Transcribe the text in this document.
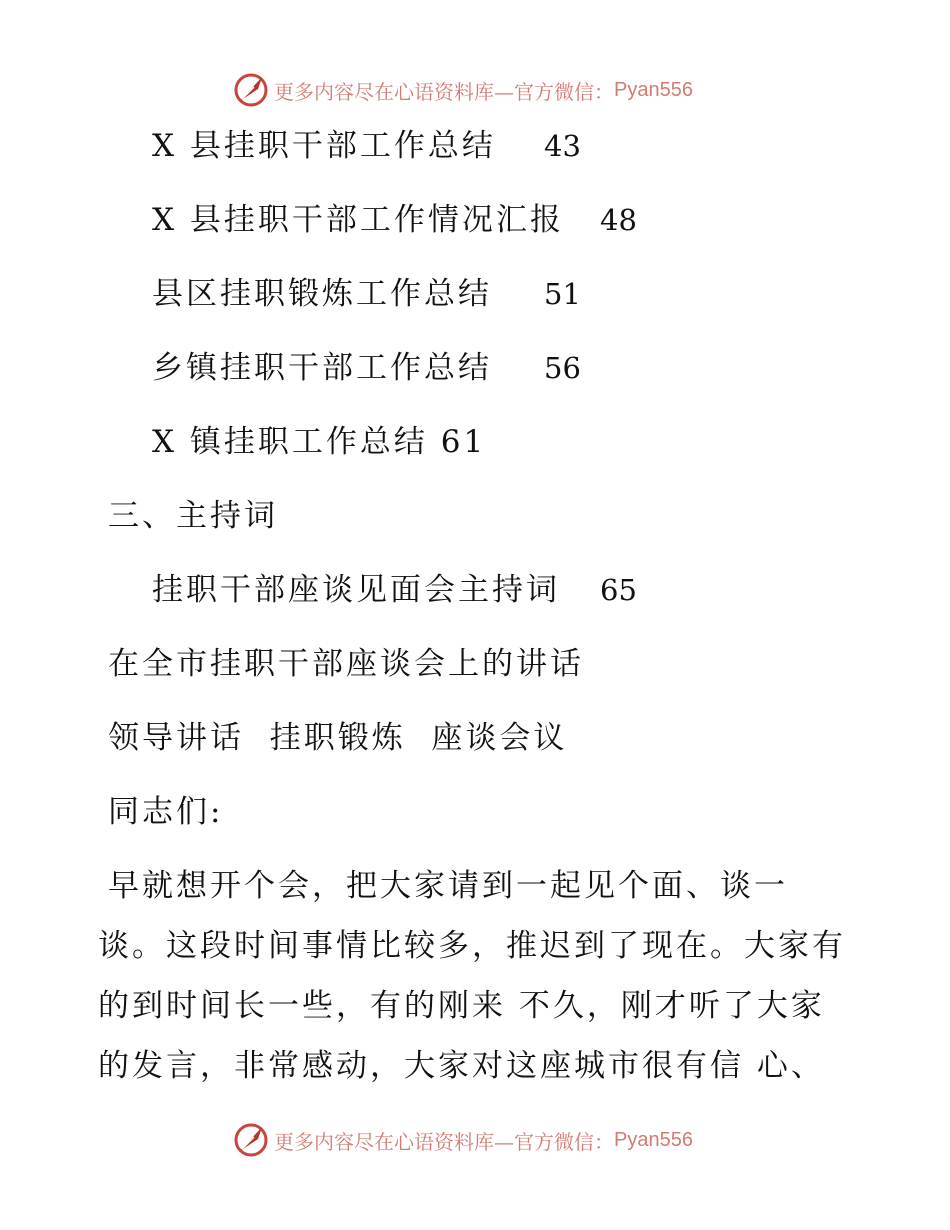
更多内容尽在心语资料库—官方微信： Pyan556
X 县挂职干部工作总结 43
X 县挂职干部工作情况汇报 48
县区挂职锻炼工作总结 51
乡镇挂职干部工作总结 56
X 镇挂职工作总结 61
三、主持词
挂职干部座谈见面会主持词 65
在全市挂职干部座谈会上的讲话
领导讲话  挂职锻炼  座谈会议
同志们:
早就想开个会，把大家请到一起见个面、谈一
谈。这段时间事情比较多，推迟到了现在。大家有
的到时间长一些，有的刚来 不久，刚才听了大家
的发言，非常感动，大家对这座城市很有信 心、
更多内容尽在心语资料库—官方微信： Pyan556
